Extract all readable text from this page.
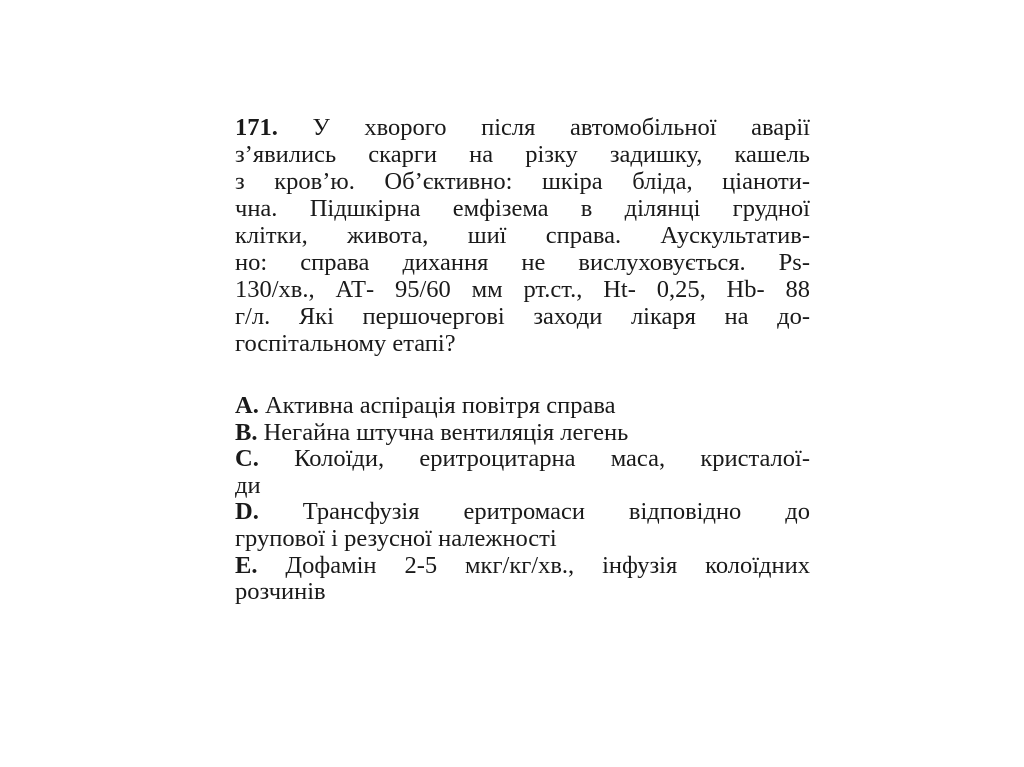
171. У хворого після автомобільної аварії
з’явились скарги на різку задишку, кашель
з кров’ю. Об’єктивно: шкіра бліда, ціаноти-
чна. Підшкірна емфізема в ділянці грудної
клітки, живота, шиї справа. Аускультатив-
но: справа дихання не вислуховується. Ps-
130/хв., АТ- 95/60 мм рт.ст., Ht- 0,25, Hb- 88
г/л. Які першочергові заходи лікаря на до-
госпітальному етапі?
A. Активна аспірація повітря справа
B. Негайна штучна вентиляція легень
C. Колоїди, еритроцитарна маса, кристалої-
ди
D. Трансфузія еритромаси відповідно до
групової і резусної належності
E. Дофамін 2-5 мкг/кг/хв., інфузія колоїдних
розчинів
